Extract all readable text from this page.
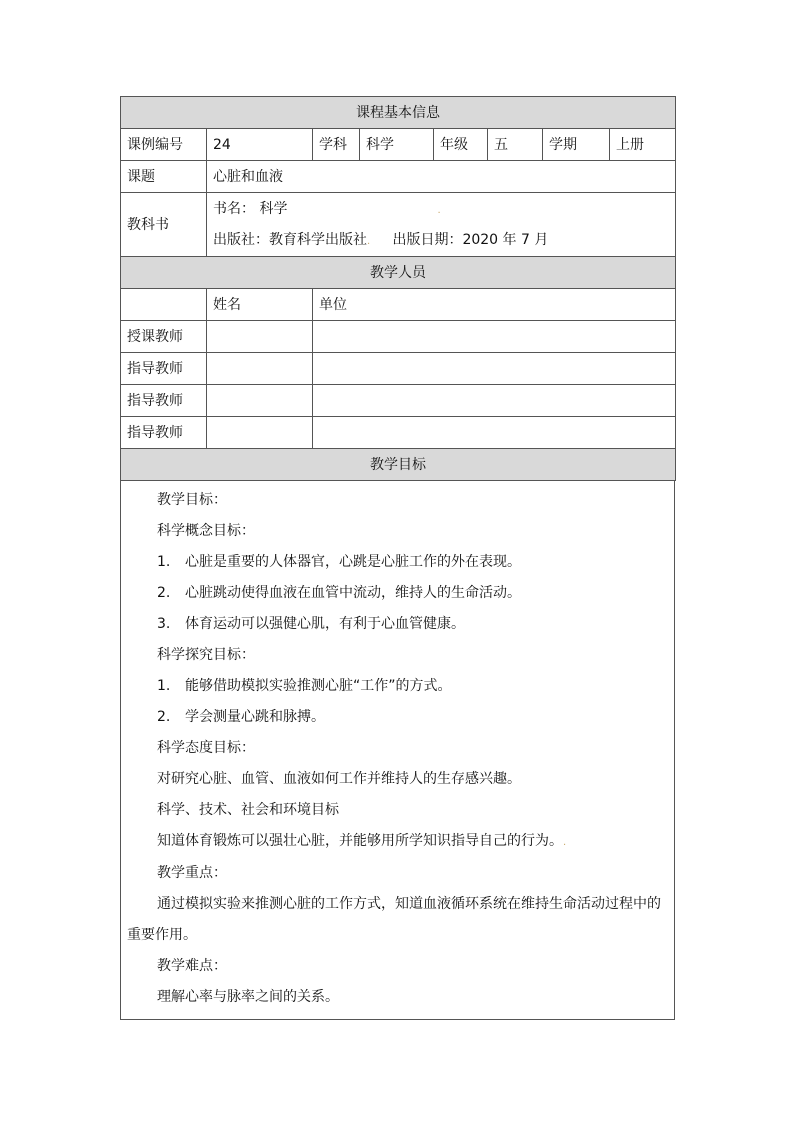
课程基本信息							
课例编号	24	学科	科学	年级	五	学期	上册
课题	心脏和血液						
教科书	书名： 科学 .
出版社：教育科学出版社. 出版日期：2020 年 7 月						

教学人员							
	姓名	单位					
授课教师							
指导教师							
指导教师							
指导教师							
教学目标							
教学目标：
科学概念目标：
1. 心脏是重要的人体器官，心跳是心脏工作的外在表现。
2. 心脏跳动使得血液在血管中流动，维持人的生命活动。
3. 体育运动可以强健心肌，有利于心血管健康。
科学探究目标：
1. 能够借助模拟实验推测心脏“工作”的方式。
2. 学会测量心跳和脉搏。
科学态度目标：
对研究心脏、血管、血液如何工作并维持人的生存感兴趣。
科学、技术、社会和环境目标
知道体育锻炼可以强壮心脏，并能够用所学知识指导自己的行为。.
教学重点：
通过模拟实验来推测心脏的工作方式，知道血液循环系统在维持生命活动过程中的重要作用。
教学难点：
理解心率与脉率之间的关系。
